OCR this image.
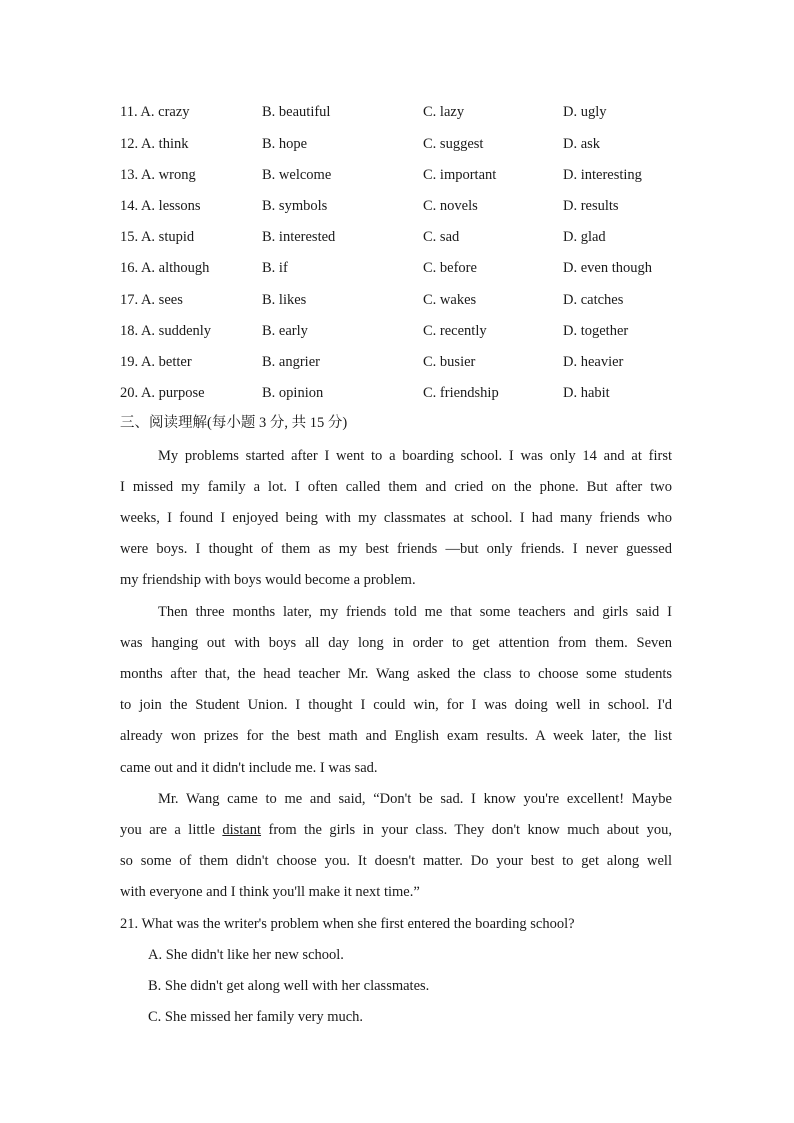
11. A. crazy	B. beautiful	C. lazy	D. ugly
12. A. think	B. hope	C. suggest	D. ask
13. A. wrong	B. welcome	C. important	D. interesting
14. A. lessons	B. symbols	C. novels	D. results
15. A. stupid	B. interested	C. sad	D. glad
16. A. although	B. if	C. before	D. even though
17. A. sees	B. likes	C. wakes	D. catches
18. A. suddenly	B. early	C. recently	D. together
19. A. better	B. angrier	C. busier	D. heavier
20. A. purpose	B. opinion	C. friendship	D. habit
三、阅读理解(每小题 3 分, 共 15 分)
My problems started after I went to a boarding school. I was only 14 and at first
I missed my family a lot. I often called them and cried on the phone. But after two
weeks, I found I enjoyed being with my classmates at school. I had many friends who
were boys. I thought of them as my best friends —but only friends. I never guessed
my friendship with boys would become a problem.
Then three months later, my friends told me that some teachers and girls said I
was hanging out with boys all day long in order to get attention from them. Seven
months after that, the head teacher Mr. Wang asked the class to choose some students
to join the Student Union. I thought I could win, for I was doing well in school. I'd
already won prizes for the best math and English exam results. A week later, the list
came out and it didn't include me. I was sad.
Mr. Wang came to me and said, “Don't be sad. I know you're excellent! Maybe
you are a little distant from the girls in your class. They don't know much about you,
so some of them didn't choose you. It doesn't matter. Do your best to get along well
with everyone and I think you'll make it next time.”
21. What was the writer's problem when she first entered the boarding school?
A. She didn't like her new school.
B. She didn't get along well with her classmates.
C. She missed her family very much.
